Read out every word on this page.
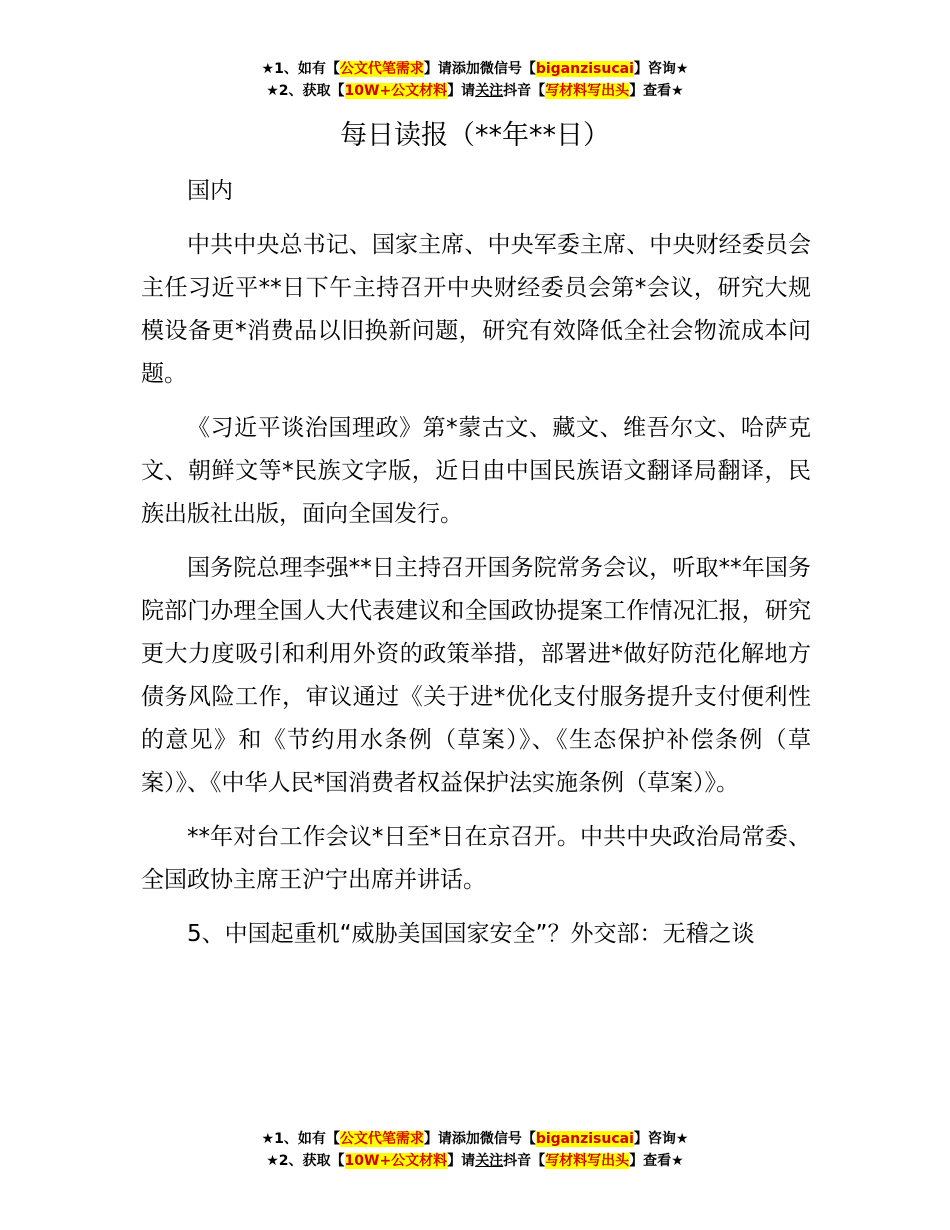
★1、如有【公文代笔需求】请添加微信号【biganzisucai】咨询★
★2、获取【10W+公文材料】请关注抖音【写材料写出头】查看★
每日读报（**年**日）

国内

中共中央总书记、国家主席、中央军委主席、中央财经委员会主任习近平**日下午主持召开中央财经委员会第*会议，研究大规模设备更*消费品以旧换新问题，研究有效降低全社会物流成本问题。

《习近平谈治国理政》第*蒙古文、藏文、维吾尔文、哈萨克文、朝鲜文等*民族文字版，近日由中国民族语文翻译局翻译，民族出版社出版，面向全国发行。

国务院总理李强**日主持召开国务院常务会议，听取**年国务院部门办理全国人大代表建议和全国政协提案工作情况汇报，研究更大力度吸引和利用外资的政策举措，部署进*做好防范化解地方债务风险工作，审议通过《关于进*优化支付服务提升支付便利性的意见》和《节约用水条例（草案）》、《生态保护补偿条例（草案）》、《中华人民*国消费者权益保护法实施条例（草案）》。

**年对台工作会议*日至*日在京召开。中共中央政治局常委、全国政协主席王沪宁出席并讲话。

5、中国起重机“威胁美国国家安全”？外交部：无稽之谈

★1、如有【公文代笔需求】请添加微信号【biganzisucai】咨询★
★2、获取【10W+公文材料】请关注抖音【写材料写出头】查看★
